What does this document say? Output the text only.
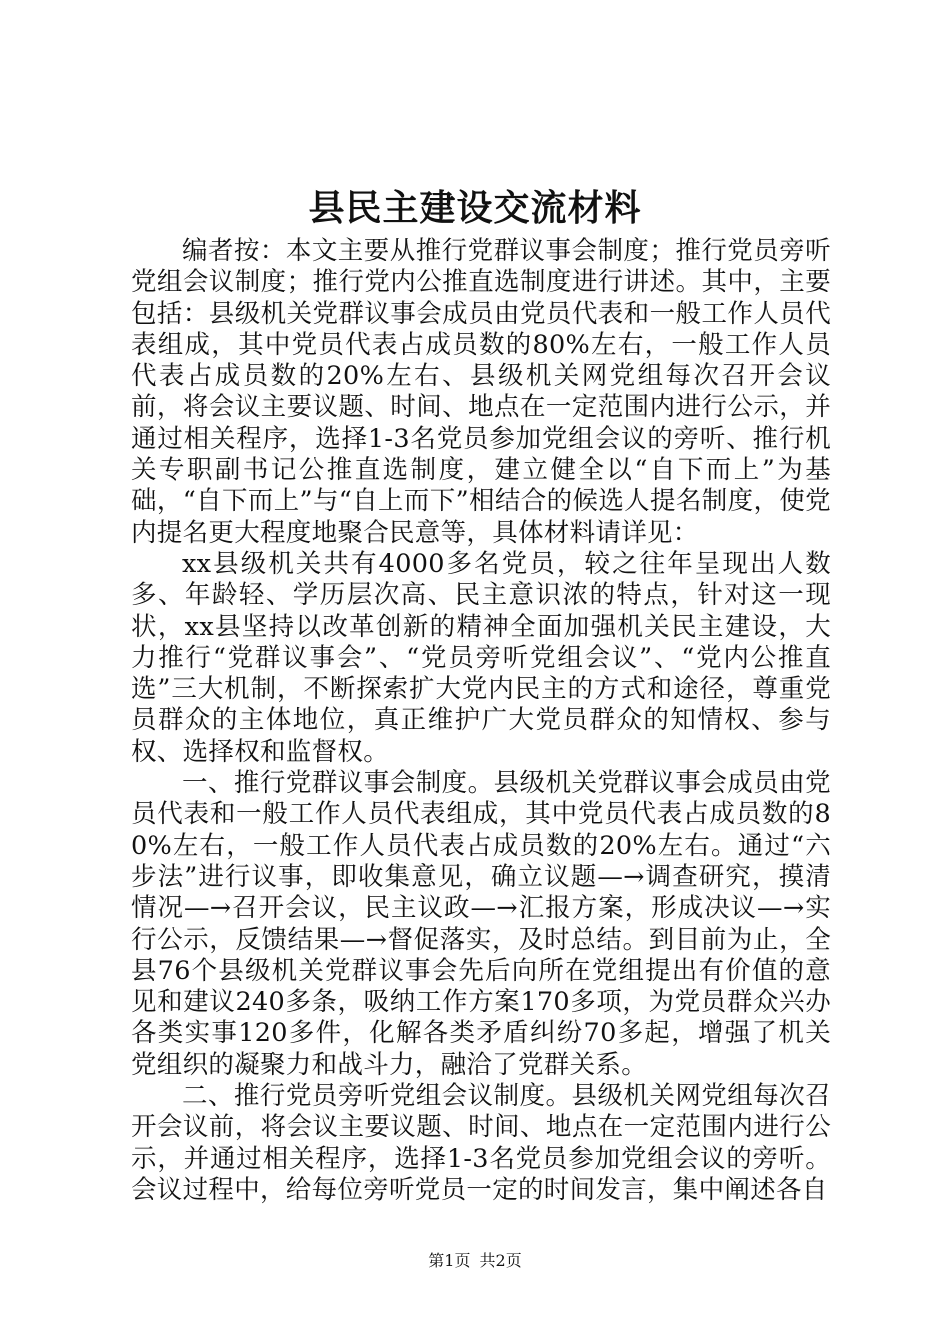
县民主建设交流材料

编者按：本文主要从推行党群议事会制度；推行党员旁听党组会议制度；推行党内公推直选制度进行讲述。其中，主要包括：县级机关党群议事会成员由党员代表和一般工作人员代表组成，其中党员代表占成员数的80%左右，一般工作人员代表占成员数的20%左右、县级机关网党组每次召开会议前，将会议主要议题、时间、地点在一定范围内进行公示，并通过相关程序，选择1-3名党员参加党组会议的旁听、推行机关专职副书记公推直选制度，建立健全以“自下而上”为基础，“自下而上”与“自上而下”相结合的候选人提名制度，使党内提名更大程度地聚合民意等，具体材料请详见：

xx县级机关共有4000多名党员，较之往年呈现出人数多、年龄轻、学历层次高、民主意识浓的特点，针对这一现状，xx县坚持以改革创新的精神全面加强机关民主建设，大力推行“党群议事会”、“党员旁听党组会议”、“党内公推直选”三大机制，不断探索扩大党内民主的方式和途径，尊重党员群众的主体地位，真正维护广大党员群众的知情权、参与权、选择权和监督权。

一、推行党群议事会制度。县级机关党群议事会成员由党员代表和一般工作人员代表组成，其中党员代表占成员数的80%左右，一般工作人员代表占成员数的20%左右。通过“六步法”进行议事，即收集意见，确立议题—→调查研究，摸清情况—→召开会议，民主议政—→汇报方案，形成决议—→实行公示，反馈结果—→督促落实，及时总结。到目前为止，全县76个县级机关党群议事会先后向所在党组提出有价值的意见和建议240多条，吸纳工作方案170多项，为党员群众兴办各类实事120多件，化解各类矛盾纠纷70多起，增强了机关党组织的凝聚力和战斗力，融洽了党群关系。

二、推行党员旁听党组会议制度。县级机关网党组每次召开会议前，将会议主要议题、时间、地点在一定范围内进行公示，并通过相关程序，选择1-3名党员参加党组会议的旁听。会议过程中，给每位旁听党员一定的时间发言，集中阐述各自

第1页 共2页
